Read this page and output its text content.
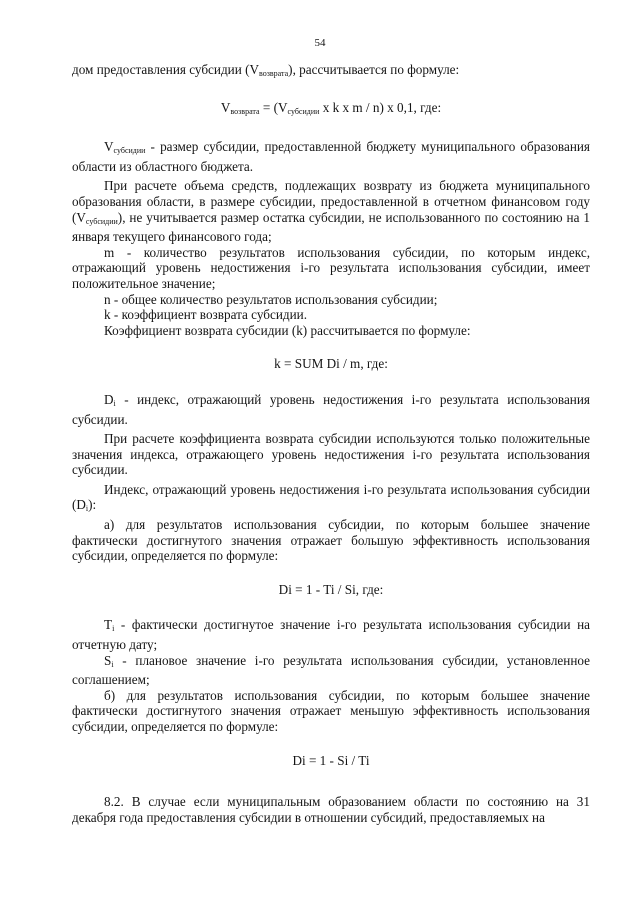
54

дом предоставления субсидии $(V_{возврата})$, рассчитывается по формуле:

$V_{возврата} = (V_{субсидии}$ x k x m / n) x 0,1, где:

$V_{субсидии}$ - размер субсидии, предоставленной бюджету муниципального образования области из областного бюджета.

При расчете объема средств, подлежащих возврату из бюджета муниципального образования области, в размере субсидии, предоставленной в отчетном финансовом году $(V_{субсидии})$, не учитывается размер остатка субсидии, не использованного по состоянию на 1 января текущего финансового года;

m - количество результатов использования субсидии, по которым индекс, отражающий уровень недостижения i-го результата использования субсидии, имеет положительное значение;

n - общее количество результатов использования субсидии;

k - коэффициент возврата субсидии.

Коэффициент возврата субсидии (k) рассчитывается по формуле:

k = SUM Di / m, где:

$D_i$ - индекс, отражающий уровень недостижения i-го результата использования субсидии.

При расчете коэффициента возврата субсидии используются только положительные значения индекса, отражающего уровень недостижения i-го результата использования субсидии.

Индекс, отражающий уровень недостижения i-го результата использования субсидии $(D_i)$:

а) для результатов использования субсидии, по которым большее значение фактически достигнутого значения отражает большую эффективность использования субсидии, определяется по формуле:

Di = 1 - Ti / Si, где:

$T_i$ - фактически достигнутое значение i-го результата использования субсидии на отчетную дату;

$S_i$ - плановое значение i-го результата использования субсидии, установленное соглашением;

б) для результатов использования субсидии, по которым большее значение фактически достигнутого значения отражает меньшую эффективность использования субсидии, определяется по формуле:

Di = 1 - Si / Ti

8.2. В случае если муниципальным образованием области по состоянию на 31 декабря года предоставления субсидии в отношении субсидий, предоставляемых на
